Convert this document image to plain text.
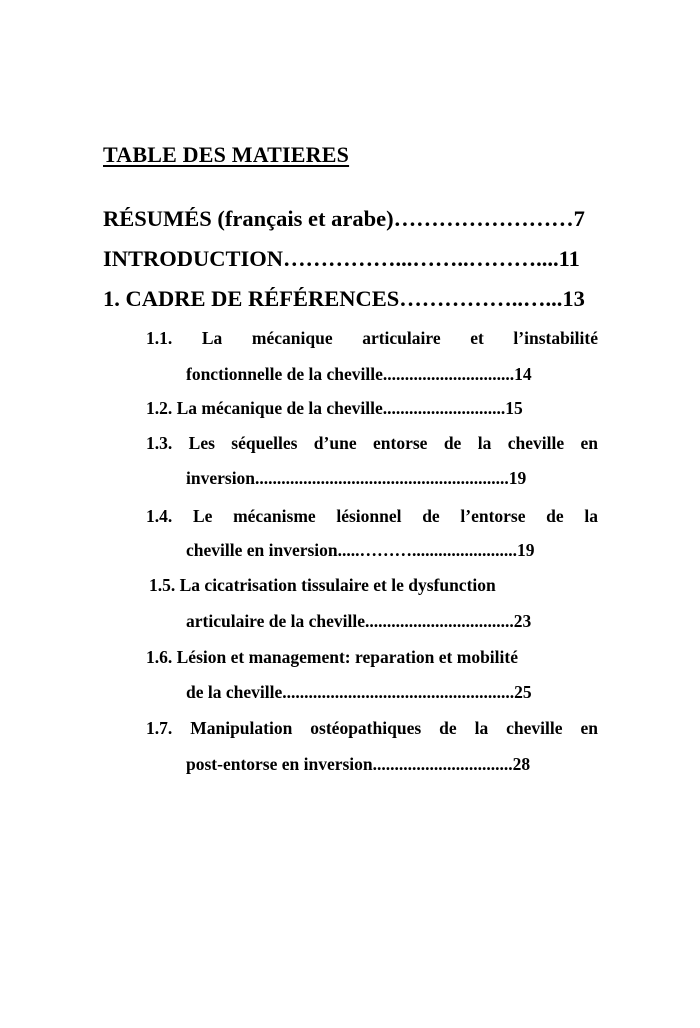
TABLE DES MATIERES
RÉSUMÉS (français et arabe)……………………7
INTRODUCTION……………...……..………....11
1. CADRE DE RÉFÉRENCES……………..…...13
1.1. La mécanique articulaire et l’instabilité
fonctionnelle de la cheville..............................14
1.2. La mécanique de la cheville............................15
1.3. Les séquelles d’une entorse de la cheville en
inversion..........................................................19
1.4. Le mécanisme lésionnel de l’entorse de la
cheville en inversion.....………........................19
1.5. La cicatrisation tissulaire et le dysfunction
articulaire de la cheville..................................23
1.6. Lésion et management: reparation et mobilité
de la cheville.....................................................25
1.7. Manipulation ostéopathiques de la cheville en
post-entorse en inversion................................28
